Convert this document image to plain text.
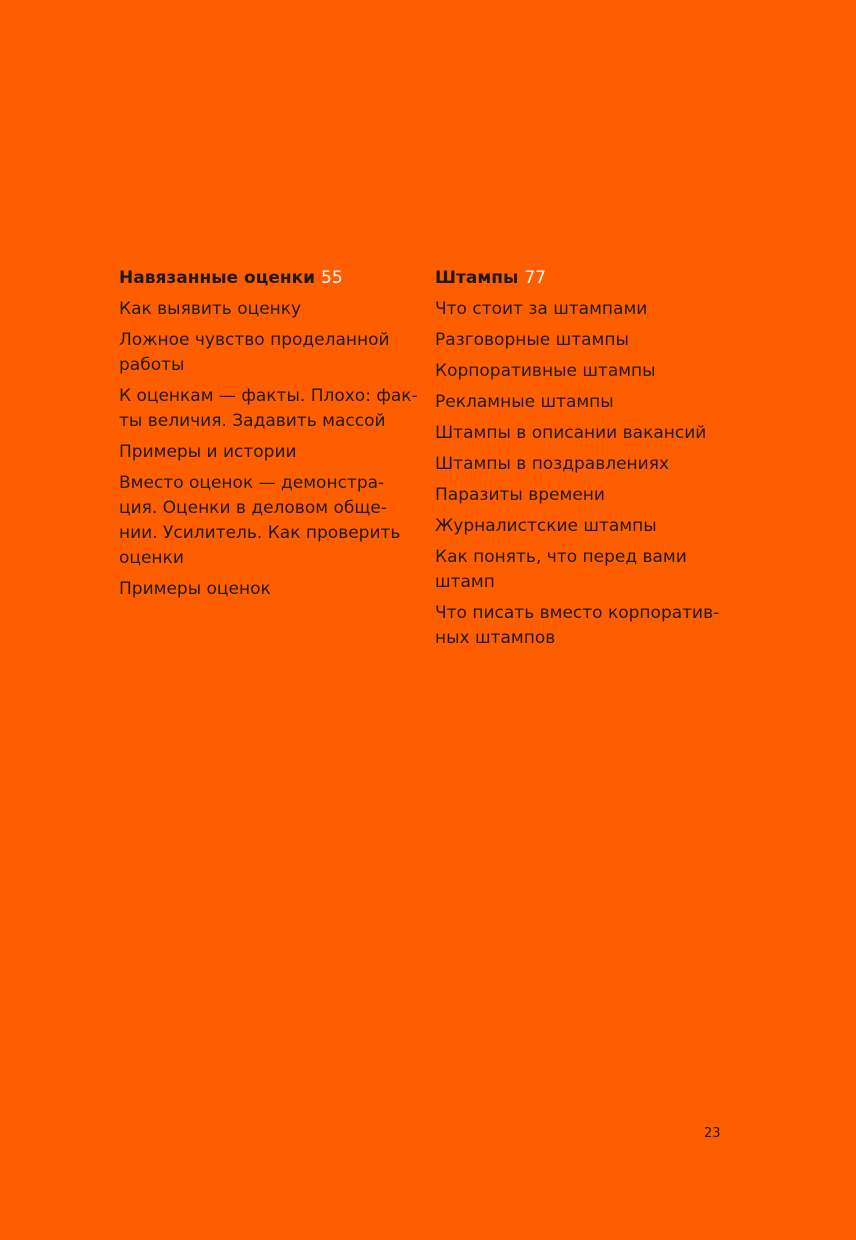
Навязанные оценки 55
Как выявить оценку
Ложное чувство проделанной
работы
К оценкам — факты. Плохо: фак-
ты величия. Задавить массой
Примеры и истории
Вместо оценок — демонстра-
ция. Оценки в деловом обще-
нии. Усилитель. Как проверить
оценки
Примеры оценок
Штампы 77
Что стоит за штампами
Разговорные штампы
Корпоративные штампы
Рекламные штампы
Штампы в описании вакансий
Штампы в поздравлениях
Паразиты времени
Журналистские штампы
Как понять, что перед вами
штамп
Что писать вместо корпоратив-
ных штампов
23
